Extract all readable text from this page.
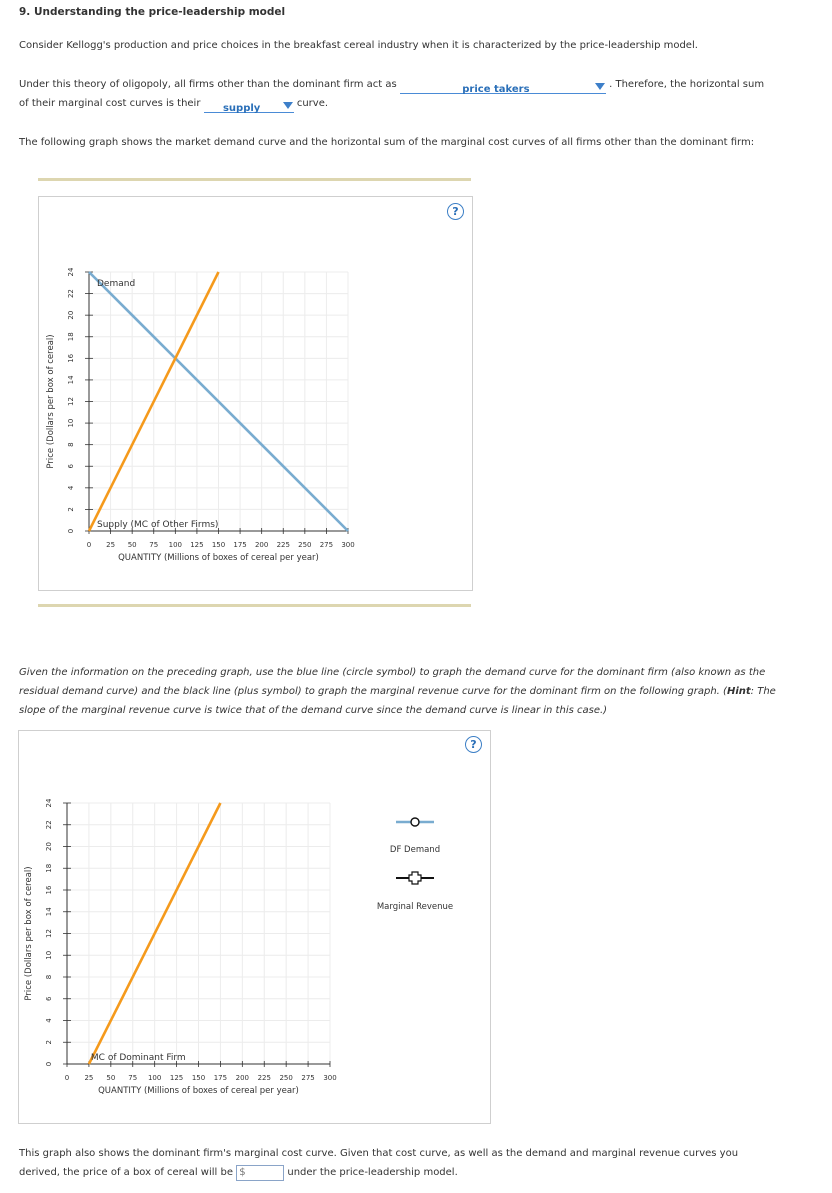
9. Understanding the price-leadership model
Consider Kellogg's production and price choices in the breakfast cereal industry when it is characterized by the price-leadership model.
Under this theory of oligopoly, all firms other than the dominant firm act as	price takers	. Therefore, the horizontal sum
of their marginal cost curves is their	supply	curve.
The following graph shows the market demand curve and the horizontal sum of the marginal cost curves of all firms other than the dominant firm:
?
0
2
4
6
8
10
12
14
16
18
20
22
24
0 25 50 75 100 125 150 175 200 225 250 275 300
QUANTITY (Millions of boxes of cereal per year)
Price (Dollars per box of cereal)
Demand
Supply (MC of Other Firms)
Given the information on the preceding graph, use the blue line (circle symbol) to graph the demand curve for the dominant firm (also known as the
residual demand curve) and the black line (plus symbol) to graph the marginal revenue curve for the dominant firm on the following graph. (Hint: The
slope of the marginal revenue curve is twice that of the demand curve since the demand curve is linear in this case.)
?
0
2
4
6
8
10
12
14
16
18
20
22
24
0 25 50 75 100 125 150 175 200 225 250 275 300
QUANTITY (Millions of boxes of cereal per year)
Price (Dollars per box of cereal)
MC of Dominant Firm
DF Demand
Marginal Revenue
This graph also shows the dominant firm's marginal cost curve. Given that cost curve, as well as the demand and marginal revenue curves you
derived, the price of a box of cereal will be $	under the price-leadership model.
